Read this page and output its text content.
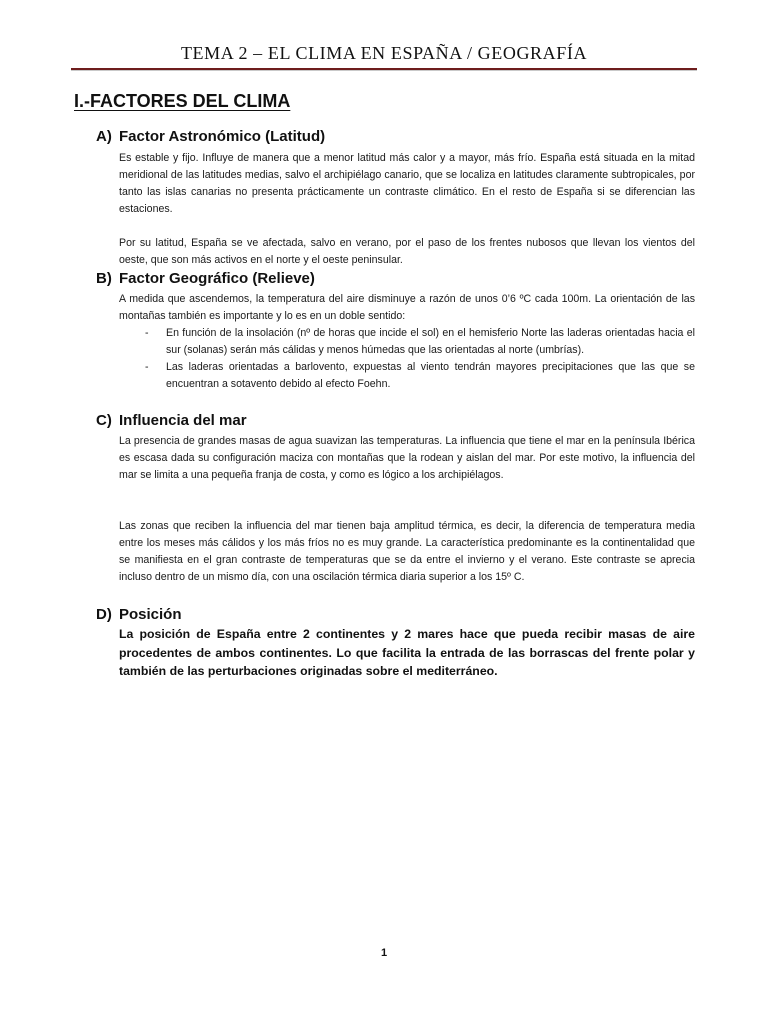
TEMA 2 – EL CLIMA EN ESPAÑA / GEOGRAFÍA
I.-FACTORES DEL CLIMA
A) Factor Astronómico (Latitud)

Es estable y fijo. Influye de manera que a menor latitud más calor y a mayor, más frío. España está situada en la mitad meridional de las latitudes medias, salvo el archipiélago canario, que se localiza en latitudes claramente subtropicales, por tanto las islas canarias no presenta prácticamente un contraste climático. En el resto de España si se diferencian las estaciones.

Por su latitud, España se ve afectada, salvo en verano, por el paso de los frentes nubosos que llevan los vientos del oeste, que son más activos en el norte y el oeste peninsular.

B) Factor Geográfico (Relieve)

A medida que ascendemos, la temperatura del aire disminuye a razón de unos 0’6 ºC cada 100m. La orientación de las montañas también es importante y lo es en un doble sentido:

- En función de la insolación (nº de horas que incide el sol) en el hemisferio Norte las laderas orientadas hacia el sur (solanas) serán más cálidas y menos húmedas que las orientadas al norte (umbrías).
- Las laderas orientadas a barlovento, expuestas al viento tendrán mayores precipitaciones que las que se encuentran a sotavento debido al efecto Foehn.
C) Influencia del mar

La presencia de grandes masas de agua suavizan las temperaturas. La influencia que tiene el mar en la península Ibérica es escasa dada su configuración maciza con montañas que la rodean y aislan del mar. Por este motivo, la influencia del mar se limita a una pequeña franja de costa, y como es lógico a los archipiélagos.

Las zonas que reciben la influencia del mar tienen baja amplitud térmica, es decir, la diferencia de temperatura media entre los meses más cálidos y los más fríos no es muy grande. La característica predominante es la continentalidad que se manifiesta en el gran contraste de temperaturas que se da entre el invierno y el verano. Este contraste se aprecia incluso dentro de un mismo día, con una oscilación térmica diaria superior a los 15º C.

D) Posición

La posición de España entre 2 continentes y 2 mares hace que pueda recibir masas de aire procedentes de ambos continentes. Lo que facilita la entrada de las borrascas del frente polar y también de las perturbaciones originadas sobre el mediterráneo.

1
